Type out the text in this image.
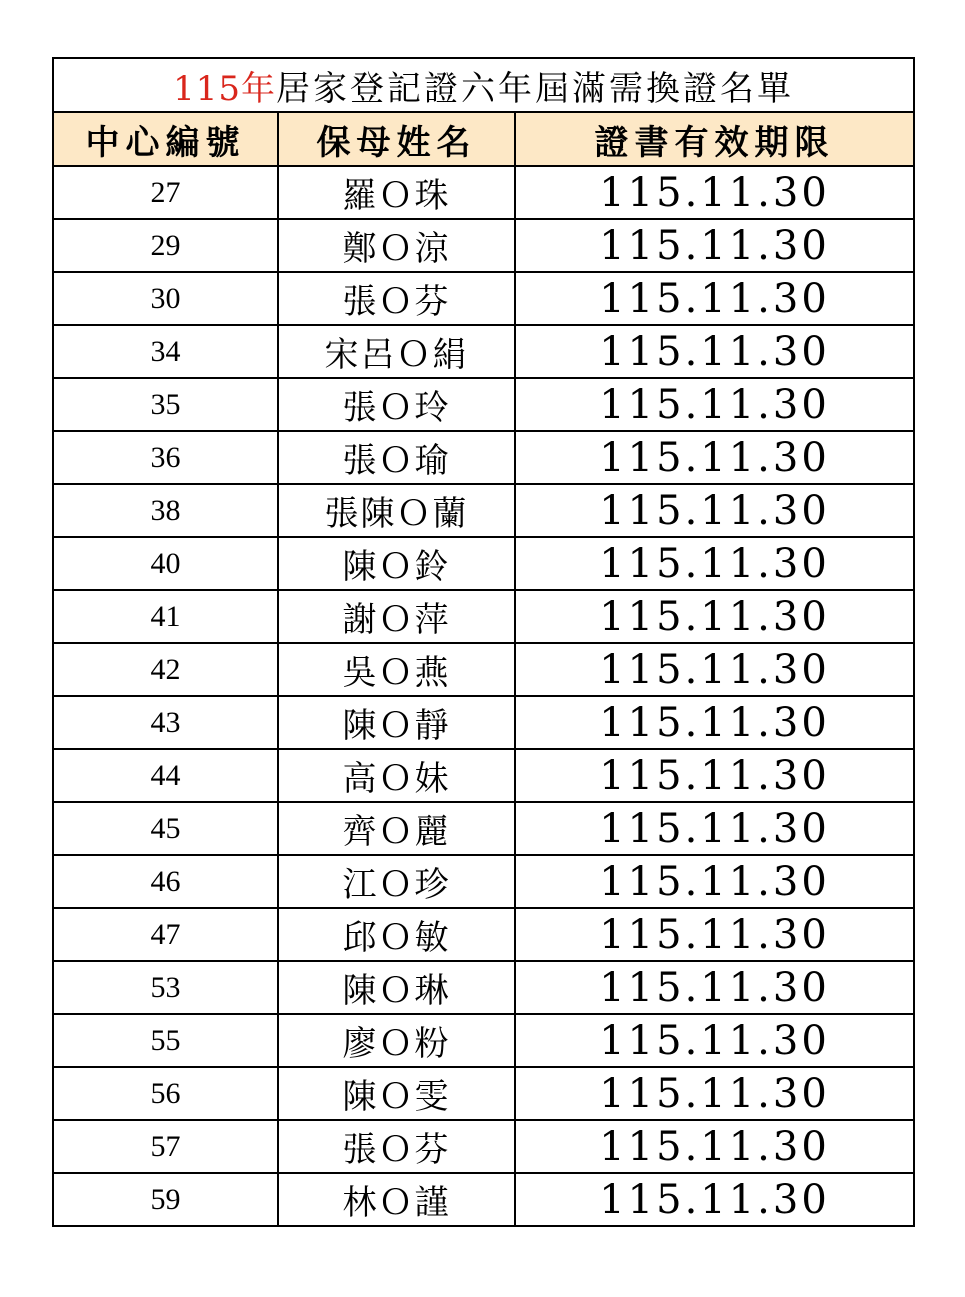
115年居家登記證六年屆滿需換證名單		
中心編號	保母姓名	證書有效期限
27	羅Ｏ珠	115.11.30
29	鄭Ｏ涼	115.11.30
30	張Ｏ芬	115.11.30
34	宋呂Ｏ絹	115.11.30
35	張Ｏ玲	115.11.30
36	張Ｏ瑜	115.11.30
38	張陳Ｏ蘭	115.11.30
40	陳Ｏ鈴	115.11.30
41	謝Ｏ萍	115.11.30
42	吳Ｏ燕	115.11.30
43	陳Ｏ靜	115.11.30
44	高Ｏ妹	115.11.30
45	齊Ｏ麗	115.11.30
46	江Ｏ珍	115.11.30
47	邱Ｏ敏	115.11.30
53	陳Ｏ琳	115.11.30
55	廖Ｏ粉	115.11.30
56	陳Ｏ雯	115.11.30
57	張Ｏ芬	115.11.30
59	林Ｏ謹	115.11.30
